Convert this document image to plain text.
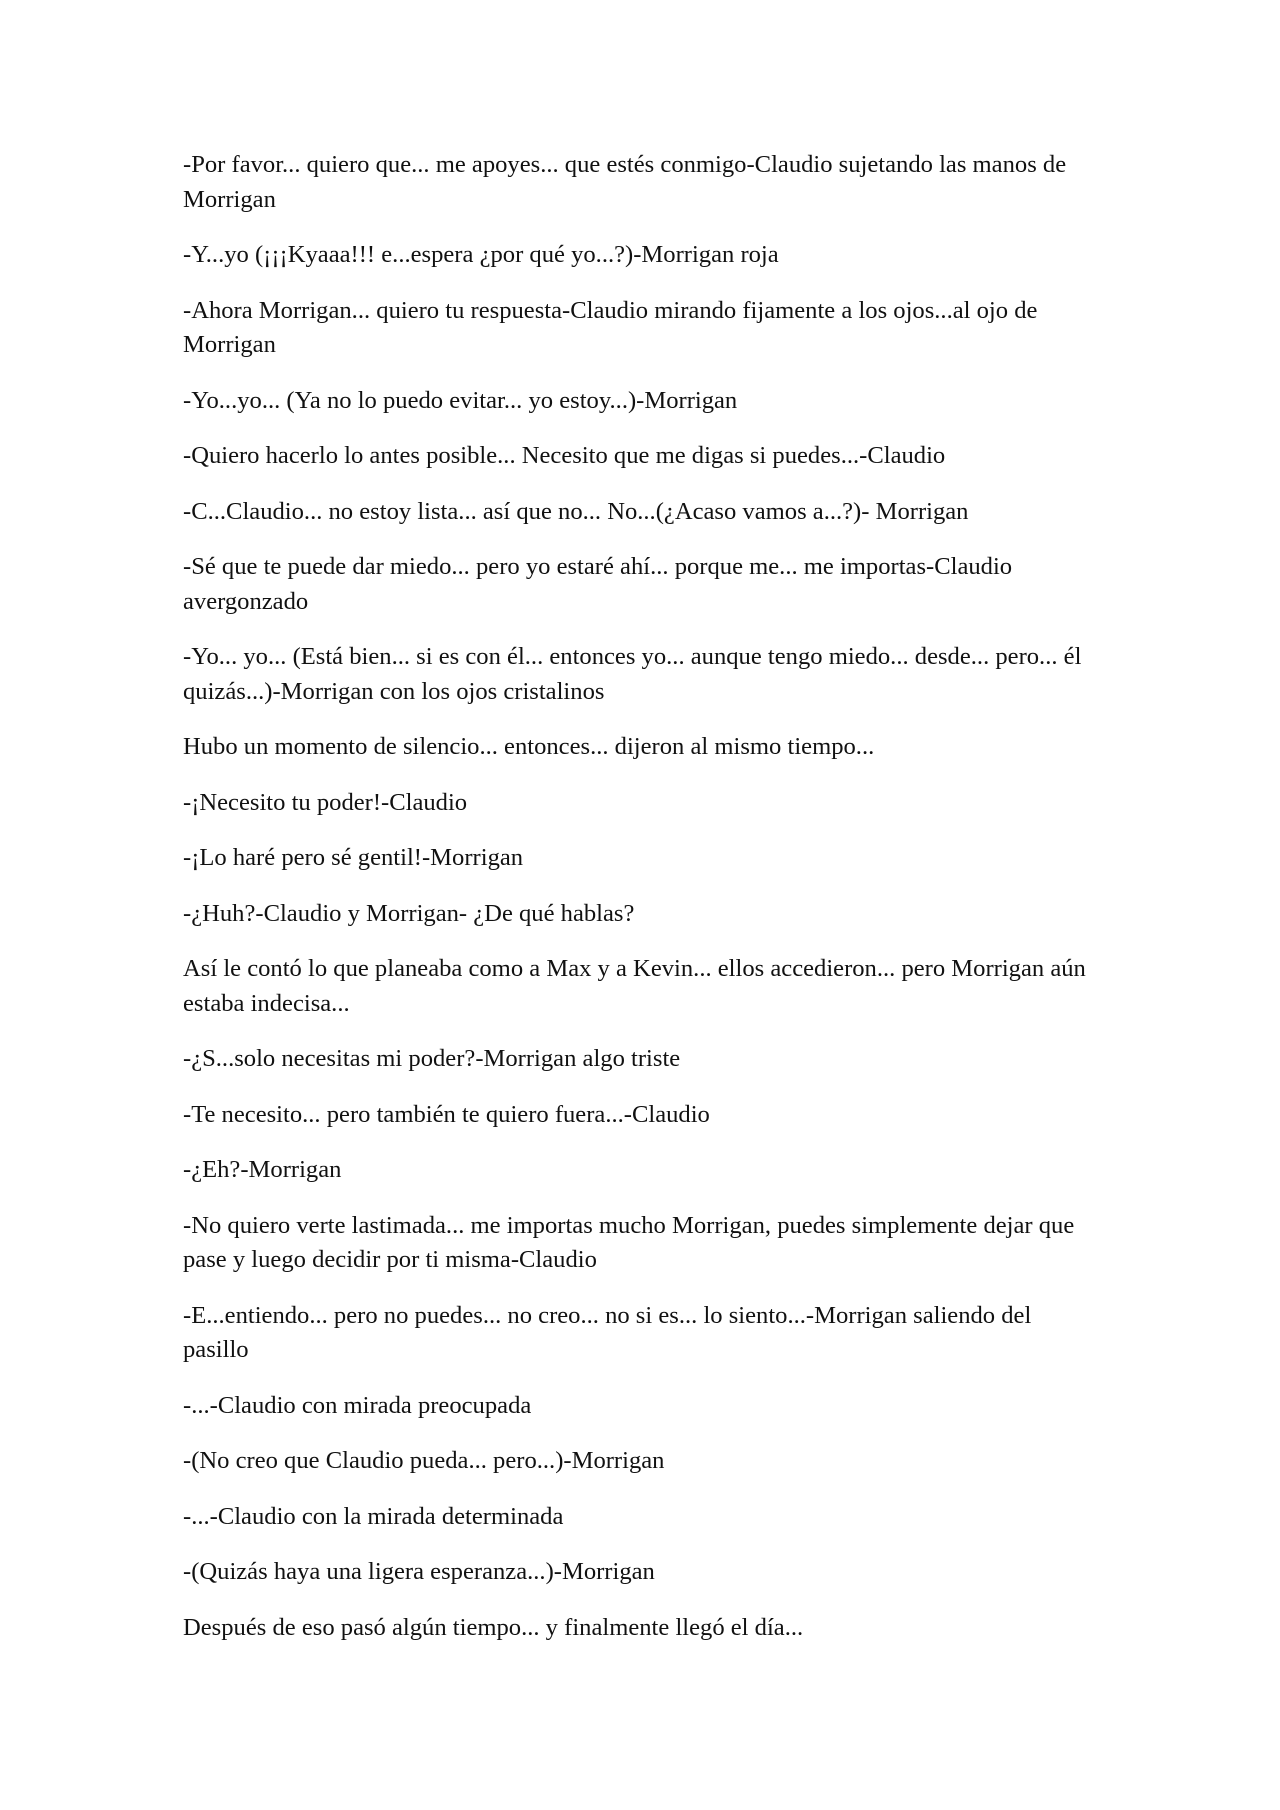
-Por favor... quiero que... me apoyes... que estés conmigo-Claudio sujetando las manos de Morrigan

-Y...yo (¡¡¡Kyaaa!!! e...espera ¿por qué yo...?)-Morrigan roja

-Ahora Morrigan... quiero tu respuesta-Claudio mirando fijamente a los ojos...al ojo de Morrigan

-Yo...yo... (Ya no lo puedo evitar... yo estoy...)-Morrigan

-Quiero hacerlo lo antes posible... Necesito que me digas si puedes...-Claudio

-C...Claudio... no estoy lista... así que no... No...(¿Acaso vamos a...?)- Morrigan

-Sé que te puede dar miedo... pero yo estaré ahí... porque me... me importas-Claudio avergonzado

-Yo... yo... (Está bien... si es con él... entonces yo... aunque tengo miedo... desde... pero... él quizás...)-Morrigan con los ojos cristalinos

Hubo un momento de silencio... entonces... dijeron al mismo tiempo...

-¡Necesito tu poder!-Claudio

-¡Lo haré pero sé gentil!-Morrigan

-¿Huh?-Claudio y Morrigan- ¿De qué hablas?

Así le contó lo que planeaba como a Max y a Kevin... ellos accedieron... pero Morrigan aún estaba indecisa...

-¿S...solo necesitas mi poder?-Morrigan algo triste

-Te necesito... pero también te quiero fuera...-Claudio

-¿Eh?-Morrigan

-No quiero verte lastimada... me importas mucho Morrigan, puedes simplemente dejar que pase y luego decidir por ti misma-Claudio

-E...entiendo... pero no puedes... no creo... no si es... lo siento...-Morrigan saliendo del pasillo

-...-Claudio con mirada preocupada

-(No creo que Claudio pueda... pero...)-Morrigan

-...-Claudio con la mirada determinada

-(Quizás haya una ligera esperanza...)-Morrigan

Después de eso pasó algún tiempo... y finalmente llegó el día...
